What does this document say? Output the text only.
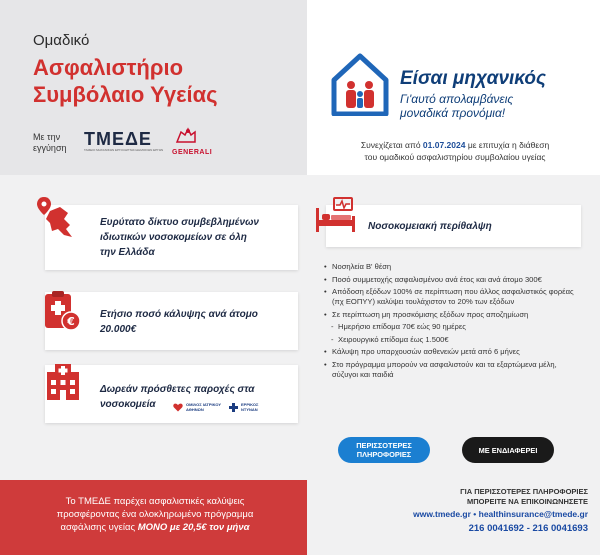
Ομαδικό
Ασφαλιστήριο
Συμβόλαιο Υγείας
Με την
εγγύηση ΤΜΕΔΕ
ΤΑΜΕΙΟ ΜΗΧΑΝΙΚΩΝ ΕΡΓΟΛΗΠΤΩΝ ΔΗΜΟΣΙΩΝ ΕΡΓΩΝ GENERALI
Είσαι μηχανικός
Γι'αυτό απολαμβάνεις
μοναδικά προνόμια!
Συνεχίζεται από 01.07.2024 με επιτυχία η διάθεση
του ομαδικού ασφαλιστηρίου συμβολαίου υγείας
Ευρύτατο δίκτυο συμβεβλημένων
ιδιωτικών νοσοκομείων σε όλη
την Ελλάδα
€
Ετήσιο ποσό κάλυψης ανά άτομο
20.000€
Δωρεάν πρόσθετες παροχές στα
νοσοκομεία	ΟΜΙΛΟΣ ΙΑΤΡΙΚΟΥ
ΑΘΗΝΩΝ
ΕΡΡΙΚΟΣ
ΝΤΥΝΑΝ
Νοσοκομειακή περίθαλψη
• Νοσηλεία Β' θέση
• Ποσό συμμετοχής ασφαλισμένου ανά έτος και ανά άτομο 300€
• Απόδοση εξόδων 100% σε περίπτωση που άλλος ασφαλιστικός φορέας (πχ ΕΟΠΥΥ) καλύψει τουλάχιστον το 20% των εξόδων
• Σε περίπτωση μη προσκόμισης εξόδων προς αποζημίωση
- Ημερήσιο επίδομα 70€ εώς 90 ημέρες
- Χειρουργικό επίδομα έως 1.500€
• Κάλυψη προ υπαρχουσών ασθενειών μετά από 6 μήνες
• Στο πρόγραμμα μπορούν να ασφαλιστούν και τα εξαρτώμενα μέλη, σύζυγοι και παιδιά
ΠΕΡΙΣΣΟΤΕΡΕΣ
ΠΛΗΡΟΦΟΡΙΕΣ	ΜΕ ΕΝΔΙΑΦΕΡΕΙ
Το ΤΜΕΔΕ παρέχει ασφαλιστικές καλύψεις
προσφέροντας ένα ολοκληρωμένο πρόγραμμα
ασφάλισης υγείας ΜΟΝΟ με 20,5€ τον μήνα
ΓΙΑ ΠΕΡΙΣΣΟΤΕΡΕΣ ΠΛΗΡΟΦΟΡΙΕΣ
ΜΠΟΡΕΙΤΕ ΝΑ ΕΠΙΚΟΙΝΩΝΗΣΕΤΕ
www.tmede.gr • healthinsurance@tmede.gr
216 0041692 - 216 0041693
